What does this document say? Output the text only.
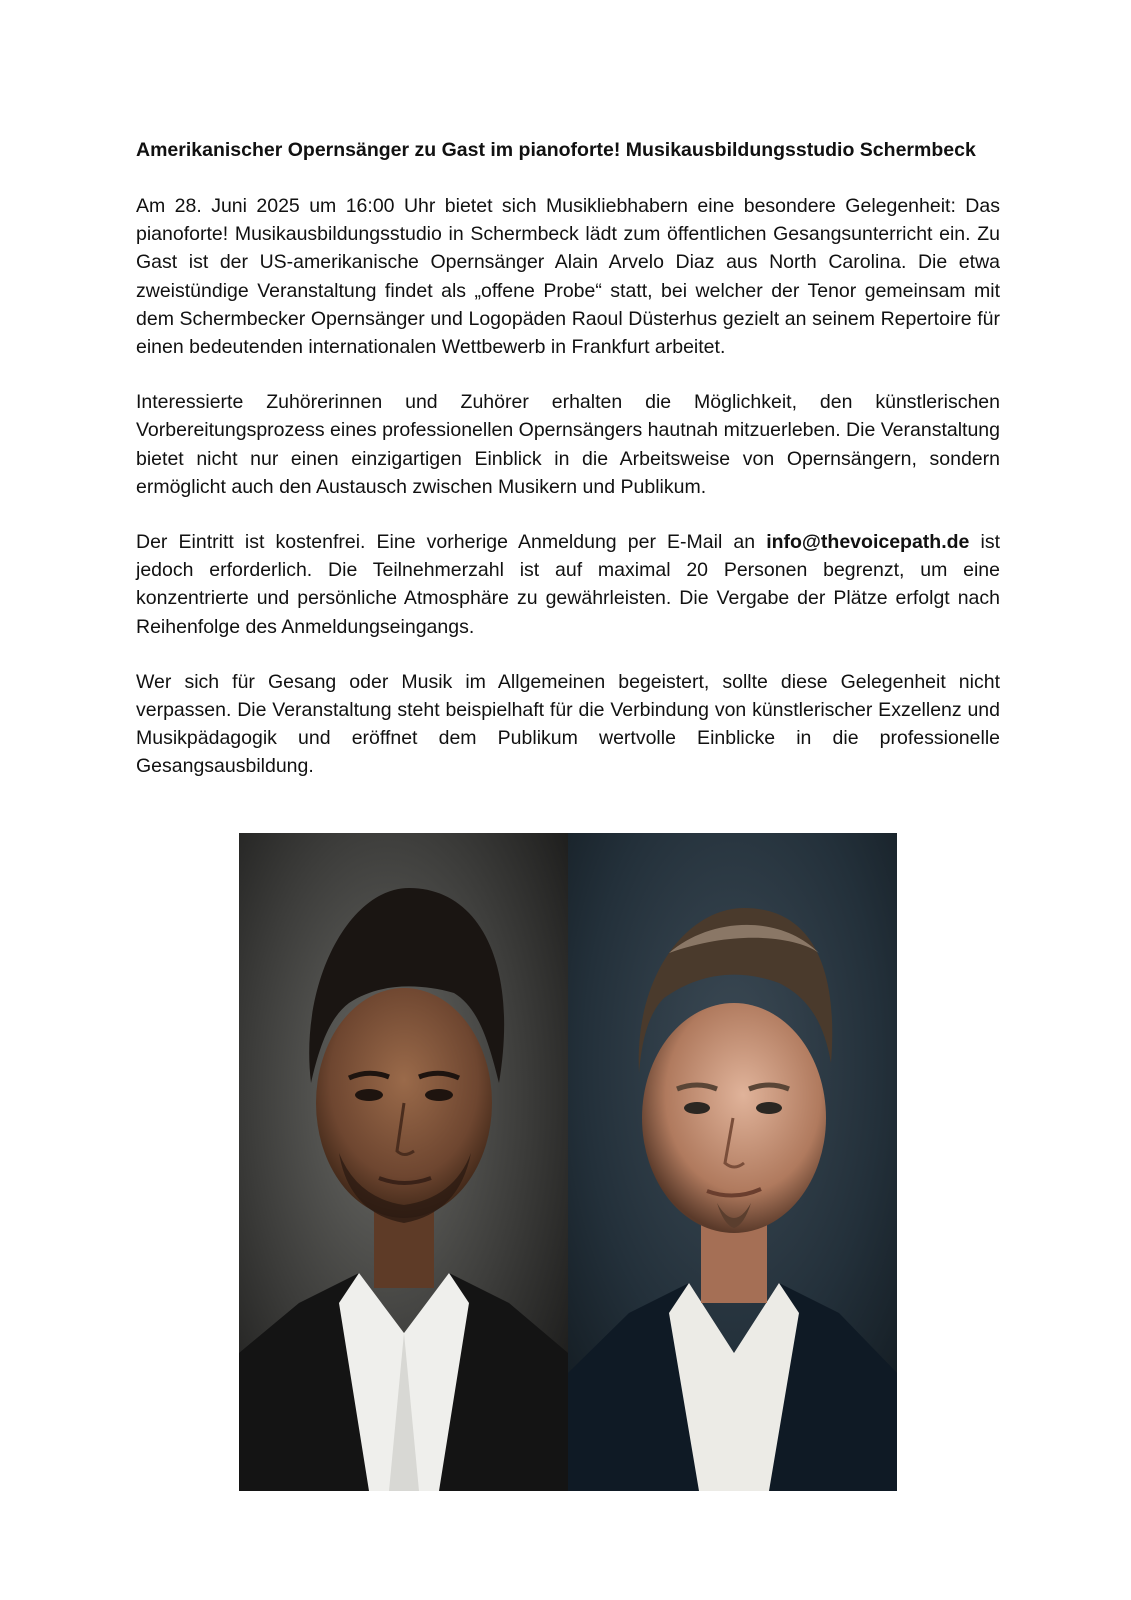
Amerikanischer Opernsänger zu Gast im pianoforte! Musikausbildungsstudio Schermbeck

Am 28. Juni 2025 um 16:00 Uhr bietet sich Musikliebhabern eine besondere Gelegenheit: Das pianoforte! Musikausbildungsstudio in Schermbeck lädt zum öffentlichen Gesangsunterricht ein. Zu Gast ist der US-amerikanische Opernsänger Alain Arvelo Diaz aus North Carolina. Die etwa zweistündige Veranstaltung findet als „offene Probe“ statt, bei welcher der Tenor gemeinsam mit dem Schermbecker Opernsänger und Logopäden Raoul Düsterhus gezielt an seinem Repertoire für einen bedeutenden internationalen Wettbewerb in Frankfurt arbeitet.

Interessierte Zuhörerinnen und Zuhörer erhalten die Möglichkeit, den künstlerischen Vorbereitungsprozess eines professionellen Opernsängers hautnah mitzuerleben. Die Veranstaltung bietet nicht nur einen einzigartigen Einblick in die Arbeitsweise von Opernsängern, sondern ermöglicht auch den Austausch zwischen Musikern und Publikum.

Der Eintritt ist kostenfrei. Eine vorherige Anmeldung per E-Mail an info@thevoicepath.de ist jedoch erforderlich. Die Teilnehmerzahl ist auf maximal 20 Personen begrenzt, um eine konzentrierte und persönliche Atmosphäre zu gewährleisten. Die Vergabe der Plätze erfolgt nach Reihenfolge des Anmeldungseingangs.

Wer sich für Gesang oder Musik im Allgemeinen begeistert, sollte diese Gelegenheit nicht verpassen. Die Veranstaltung steht beispielhaft für die Verbindung von künstlerischer Exzellenz und Musikpädagogik und eröffnet dem Publikum wertvolle Einblicke in die professionelle Gesangsausbildung.
